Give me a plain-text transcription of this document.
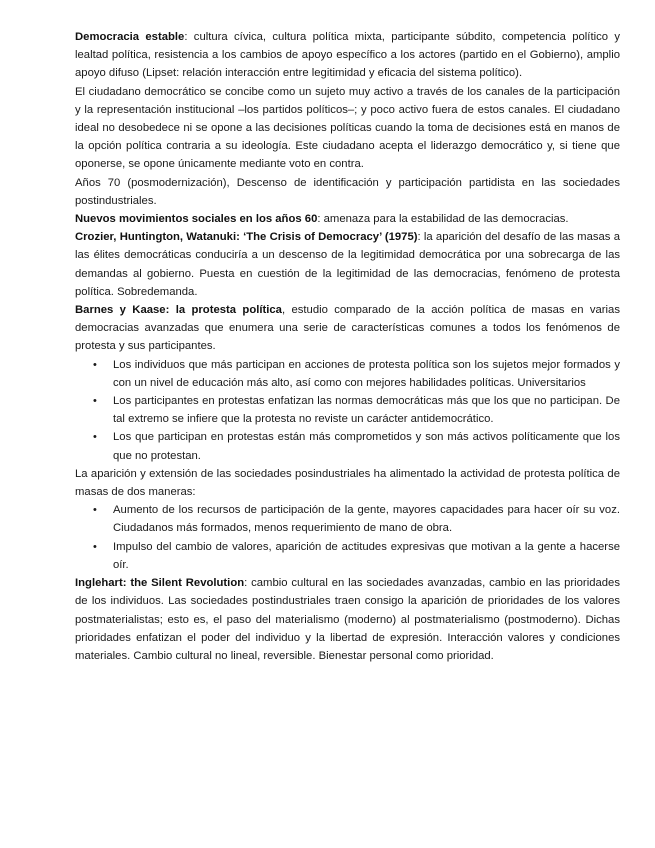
Democracia estable: cultura cívica, cultura política mixta, participante súbdito, competencia político y lealtad política, resistencia a los cambios de apoyo específico a los actores (partido en el Gobierno), amplio apoyo difuso (Lipset: relación interacción entre legitimidad y eficacia del sistema político).

El ciudadano democrático se concibe como un sujeto muy activo a través de los canales de la participación y la representación institucional –los partidos políticos–; y poco activo fuera de estos canales. El ciudadano ideal no desobedece ni se opone a las decisiones políticas cuando la toma de decisiones está en manos de la opción política contraria a su ideología. Este ciudadano acepta el liderazgo democrático y, si tiene que oponerse, se opone únicamente mediante voto en contra.

Años 70 (posmodernización), Descenso de identificación y participación partidista en las sociedades postindustriales.

Nuevos movimientos sociales en los años 60: amenaza para la estabilidad de las democracias.

Crozier, Huntington, Watanuki: ‘The Crisis of Democracy’ (1975): la aparición del desafío de las masas a las élites democráticas conduciría a un descenso de la legitimidad democrática por una sobrecarga de las demandas al gobierno. Puesta en cuestión de la legitimidad de las democracias, fenómeno de protesta política. Sobredemanda.

Barnes y Kaase: la protesta política, estudio comparado de la acción política de masas en varias democracias avanzadas que enumera una serie de características comunes a todos los fenómenos de protesta y sus participantes.

• Los individuos que más participan en acciones de protesta política son los sujetos mejor formados y con un nivel de educación más alto, así como con mejores habilidades políticas. Universitarios
• Los participantes en protestas enfatizan las normas democráticas más que los que no participan. De tal extremo se infiere que la protesta no reviste un carácter antidemocrático.
• Los que participan en protestas están más comprometidos y son más activos políticamente que los que no protestan.

La aparición y extensión de las sociedades posindustriales ha alimentado la actividad de protesta política de masas de dos maneras:

• Aumento de los recursos de participación de la gente, mayores capacidades para hacer oír su voz. Ciudadanos más formados, menos requerimiento de mano de obra.
• Impulso del cambio de valores, aparición de actitudes expresivas que motivan a la gente a hacerse oír.

Inglehart: the Silent Revolution: cambio cultural en las sociedades avanzadas, cambio en las prioridades de los individuos. Las sociedades postindustriales traen consigo la aparición de prioridades de los valores postmaterialistas; esto es, el paso del materialismo (moderno) al postmaterialismo (postmoderno). Dichas prioridades enfatizan el poder del individuo y la libertad de expresión. Interacción valores y condiciones materiales. Cambio cultural no lineal, reversible. Bienestar personal como prioridad.
